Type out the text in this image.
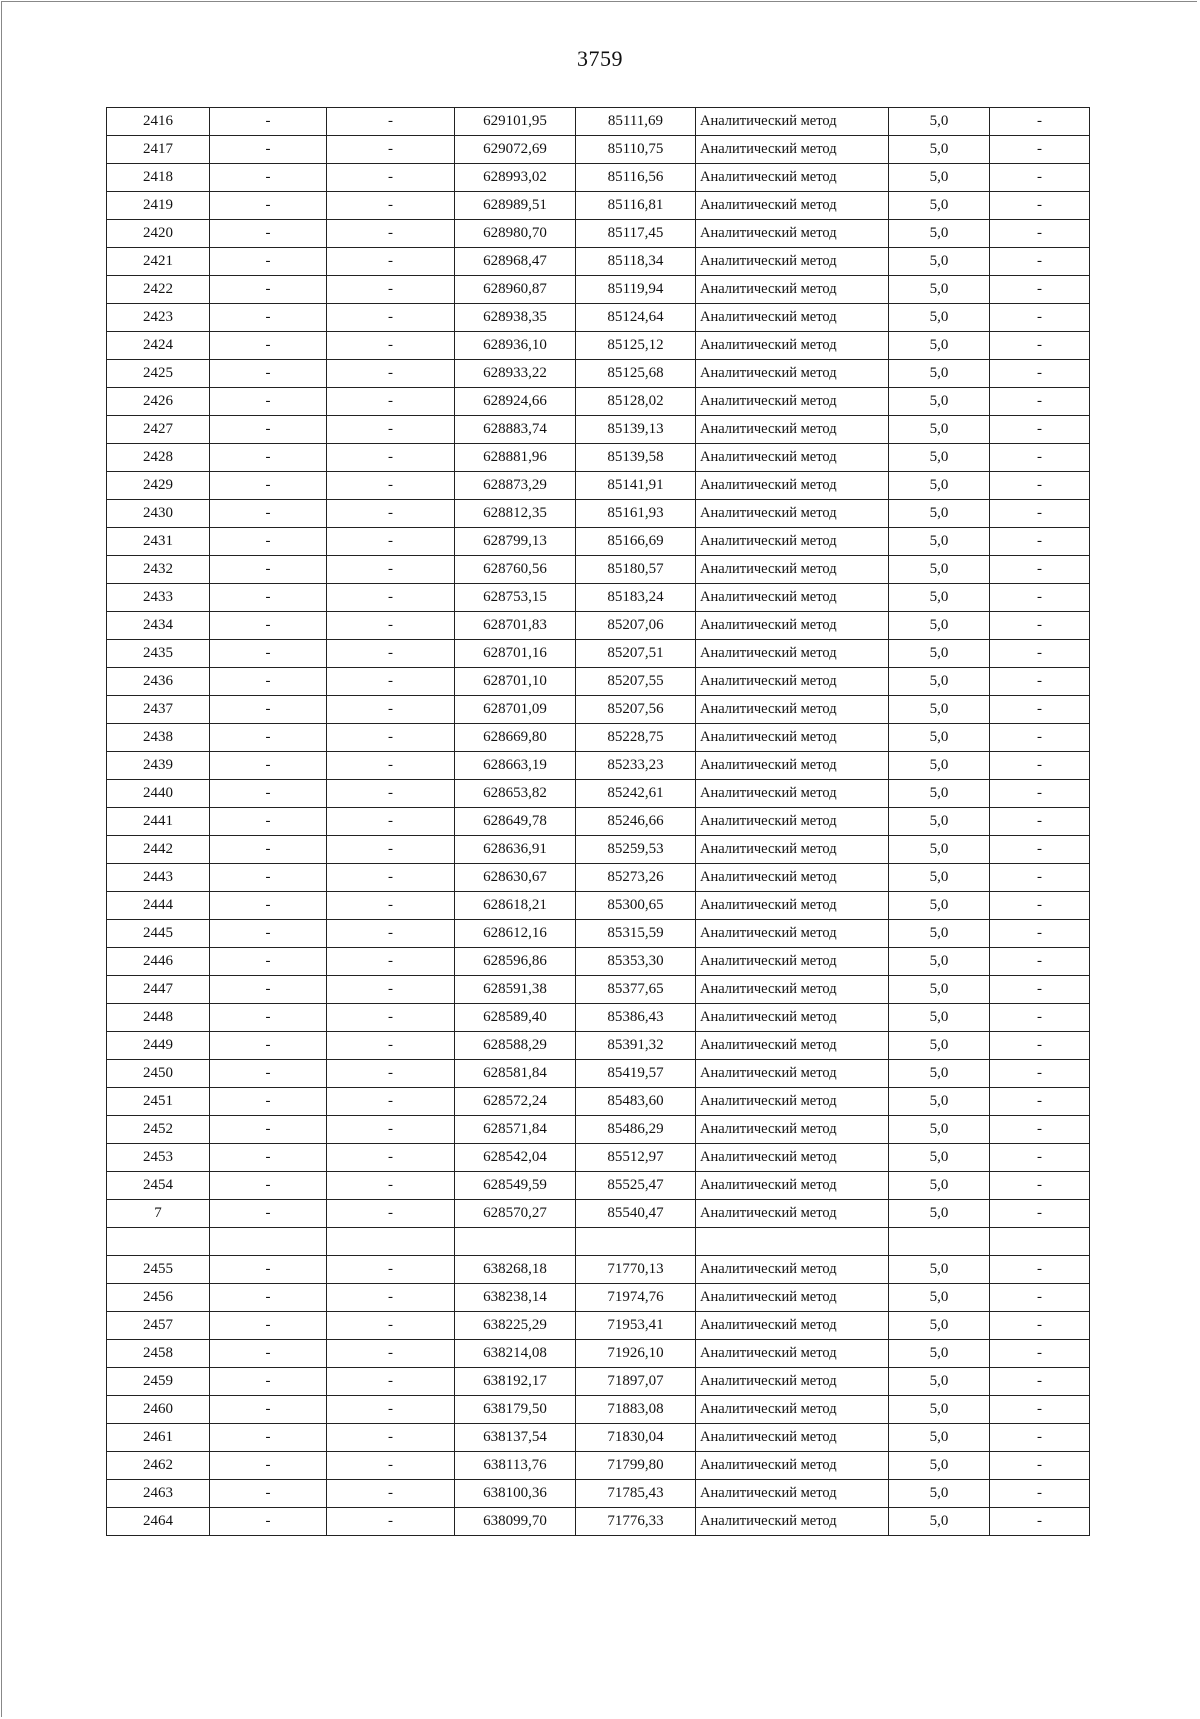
3759
2416	-	-	629101,95	85111,69	Аналитический метод	5,0	-
2417	-	-	629072,69	85110,75	Аналитический метод	5,0	-
2418	-	-	628993,02	85116,56	Аналитический метод	5,0	-
2419	-	-	628989,51	85116,81	Аналитический метод	5,0	-
2420	-	-	628980,70	85117,45	Аналитический метод	5,0	-
2421	-	-	628968,47	85118,34	Аналитический метод	5,0	-
2422	-	-	628960,87	85119,94	Аналитический метод	5,0	-
2423	-	-	628938,35	85124,64	Аналитический метод	5,0	-
2424	-	-	628936,10	85125,12	Аналитический метод	5,0	-
2425	-	-	628933,22	85125,68	Аналитический метод	5,0	-
2426	-	-	628924,66	85128,02	Аналитический метод	5,0	-
2427	-	-	628883,74	85139,13	Аналитический метод	5,0	-
2428	-	-	628881,96	85139,58	Аналитический метод	5,0	-
2429	-	-	628873,29	85141,91	Аналитический метод	5,0	-
2430	-	-	628812,35	85161,93	Аналитический метод	5,0	-
2431	-	-	628799,13	85166,69	Аналитический метод	5,0	-
2432	-	-	628760,56	85180,57	Аналитический метод	5,0	-
2433	-	-	628753,15	85183,24	Аналитический метод	5,0	-
2434	-	-	628701,83	85207,06	Аналитический метод	5,0	-
2435	-	-	628701,16	85207,51	Аналитический метод	5,0	-
2436	-	-	628701,10	85207,55	Аналитический метод	5,0	-
2437	-	-	628701,09	85207,56	Аналитический метод	5,0	-
2438	-	-	628669,80	85228,75	Аналитический метод	5,0	-
2439	-	-	628663,19	85233,23	Аналитический метод	5,0	-
2440	-	-	628653,82	85242,61	Аналитический метод	5,0	-
2441	-	-	628649,78	85246,66	Аналитический метод	5,0	-
2442	-	-	628636,91	85259,53	Аналитический метод	5,0	-
2443	-	-	628630,67	85273,26	Аналитический метод	5,0	-
2444	-	-	628618,21	85300,65	Аналитический метод	5,0	-
2445	-	-	628612,16	85315,59	Аналитический метод	5,0	-
2446	-	-	628596,86	85353,30	Аналитический метод	5,0	-
2447	-	-	628591,38	85377,65	Аналитический метод	5,0	-
2448	-	-	628589,40	85386,43	Аналитический метод	5,0	-
2449	-	-	628588,29	85391,32	Аналитический метод	5,0	-
2450	-	-	628581,84	85419,57	Аналитический метод	5,0	-
2451	-	-	628572,24	85483,60	Аналитический метод	5,0	-
2452	-	-	628571,84	85486,29	Аналитический метод	5,0	-
2453	-	-	628542,04	85512,97	Аналитический метод	5,0	-
2454	-	-	628549,59	85525,47	Аналитический метод	5,0	-
7	-	-	628570,27	85540,47	Аналитический метод	5,0	-

2455	-	-	638268,18	71770,13	Аналитический метод	5,0	-
2456	-	-	638238,14	71974,76	Аналитический метод	5,0	-
2457	-	-	638225,29	71953,41	Аналитический метод	5,0	-
2458	-	-	638214,08	71926,10	Аналитический метод	5,0	-
2459	-	-	638192,17	71897,07	Аналитический метод	5,0	-
2460	-	-	638179,50	71883,08	Аналитический метод	5,0	-
2461	-	-	638137,54	71830,04	Аналитический метод	5,0	-
2462	-	-	638113,76	71799,80	Аналитический метод	5,0	-
2463	-	-	638100,36	71785,43	Аналитический метод	5,0	-
2464	-	-	638099,70	71776,33	Аналитический метод	5,0	-
